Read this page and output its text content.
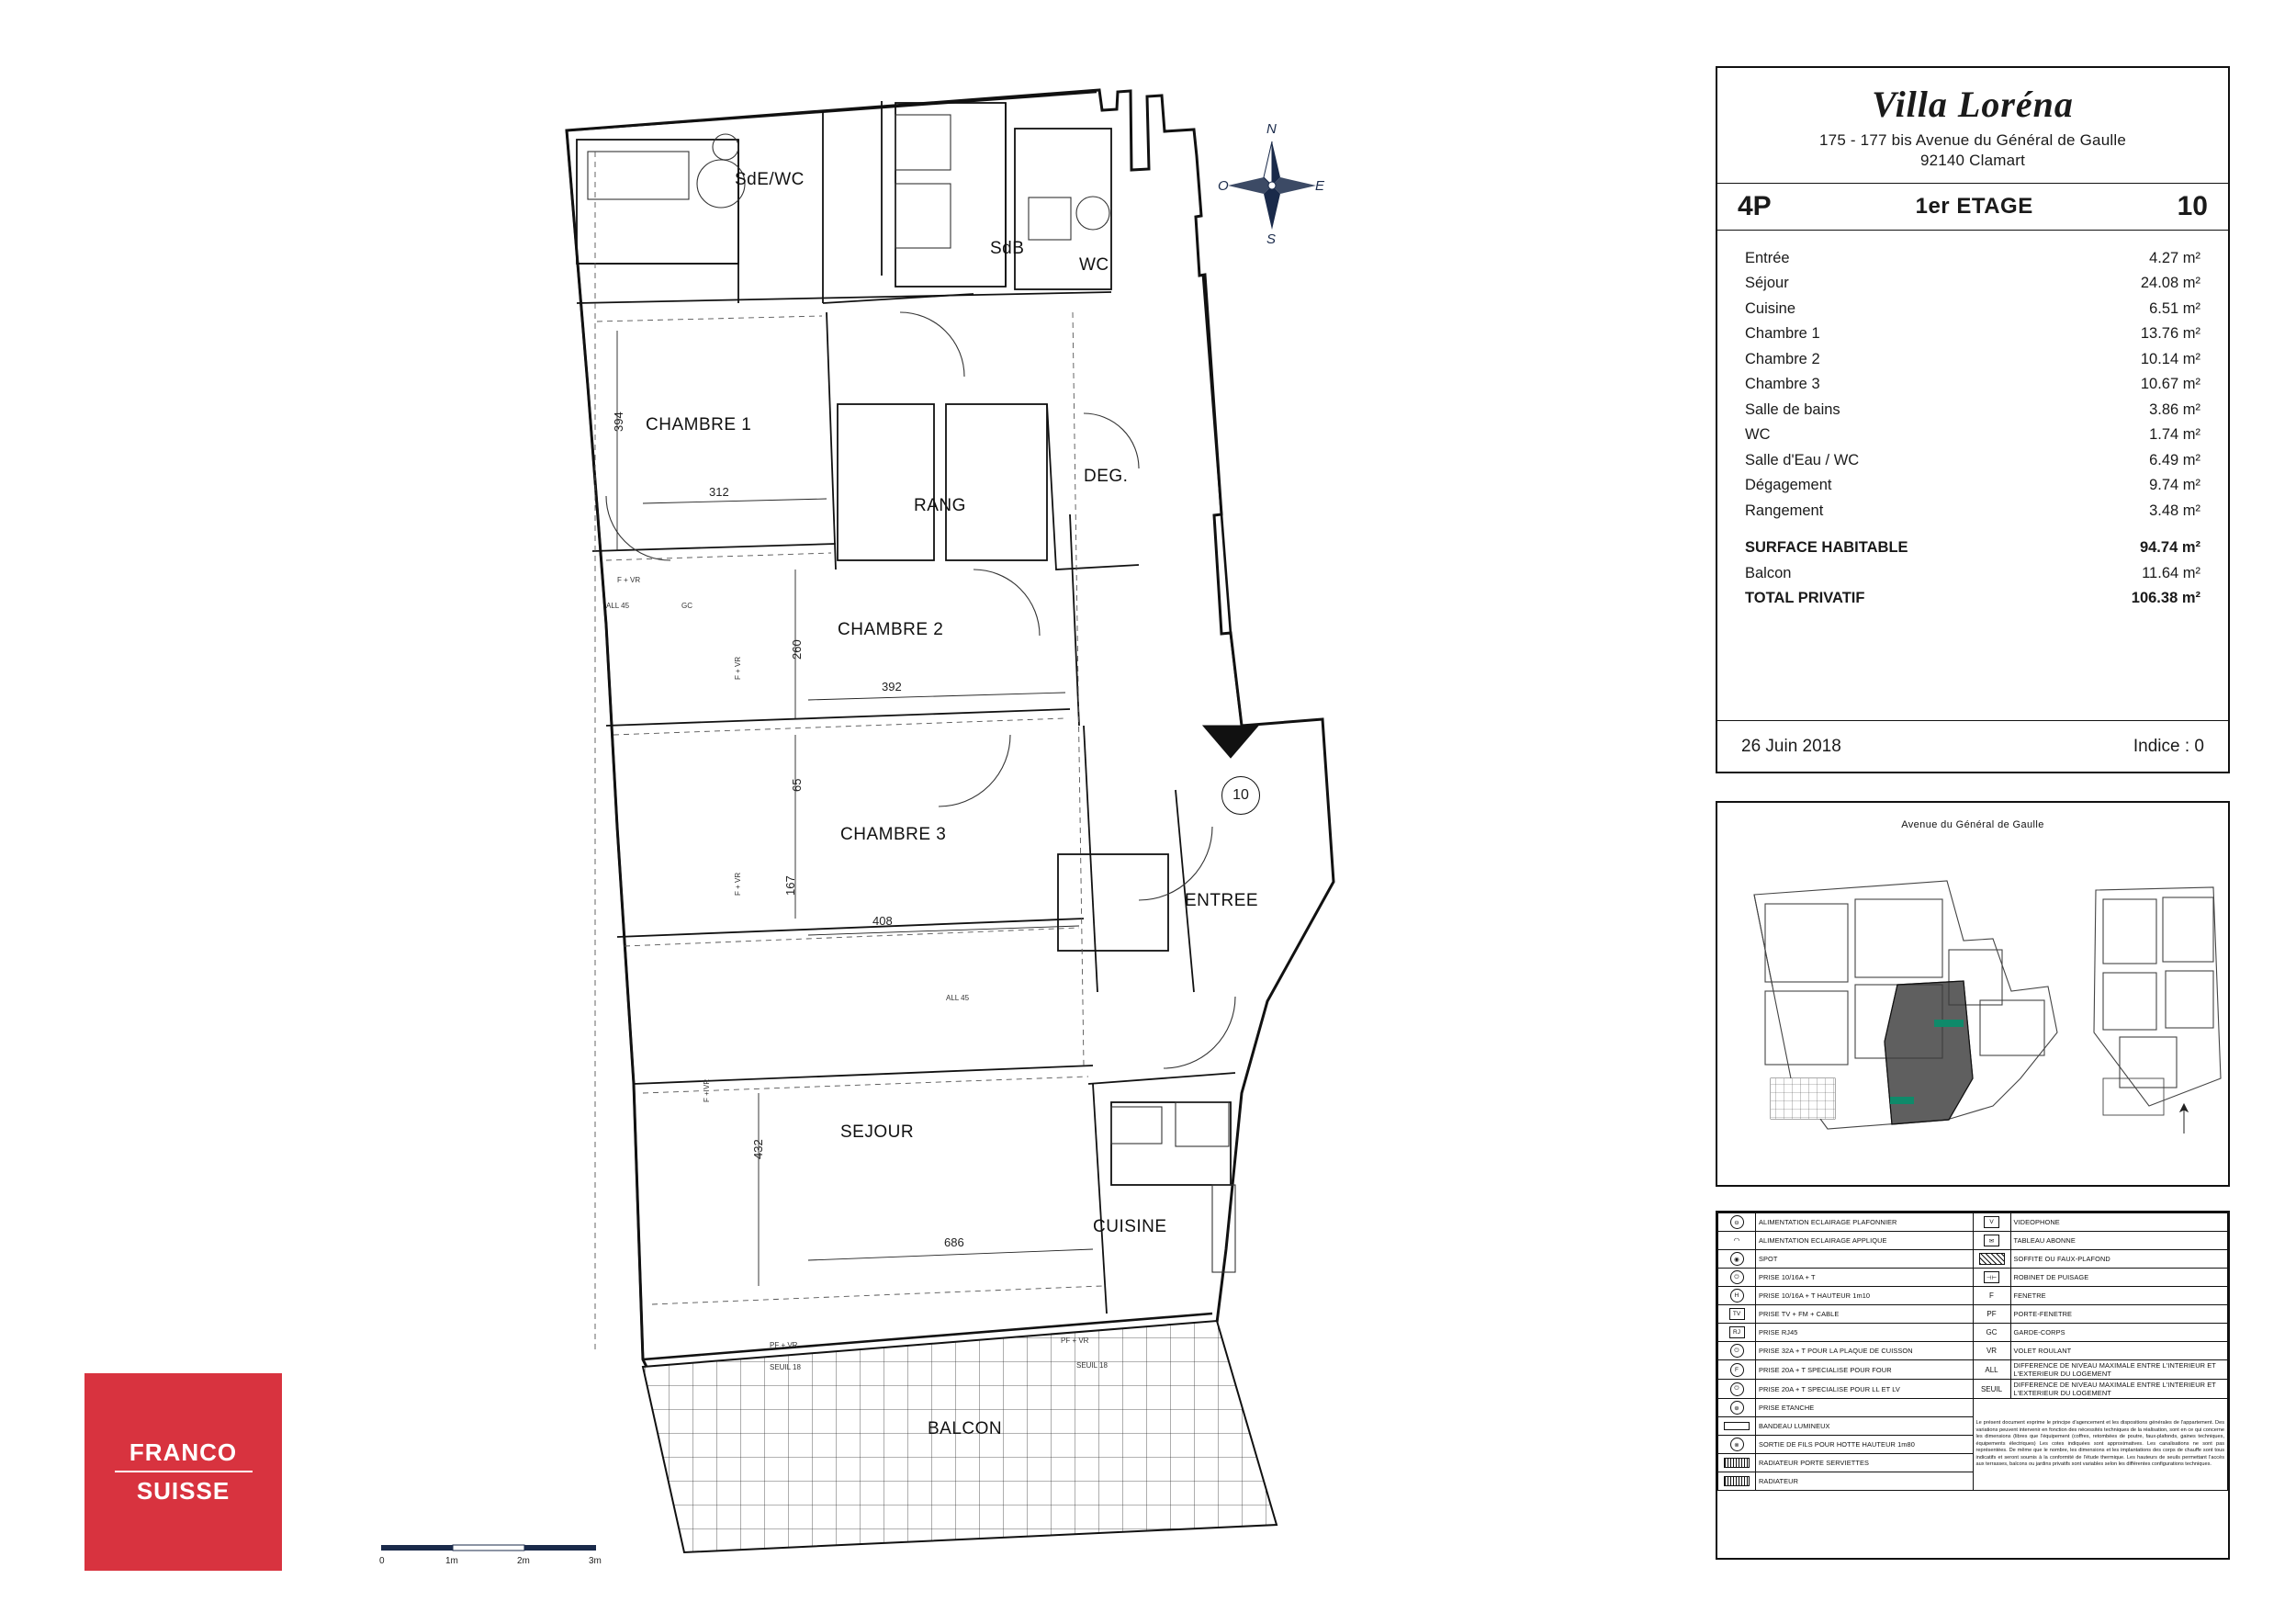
SdE/WC
SdB
WC
CHAMBRE 1
DEG.
RANG
CHAMBRE 2
CHAMBRE 3
ENTREE
SEJOUR
CUISINE
BALCON
394
312
260
392
65
167
408
432
686
F + VR
ALL 45	GC
PF + VR
SEUIL 18
PF + VR
SEUIL 18
F + VR
F + VR
F + VR
ALL 45
10
N
S
E
O
0	1m	2m	3m
FRANCO
SUISSE
Villa Loréna
175 - 177 bis Avenue du Général de Gaulle
92140 Clamart
4P	1er ETAGE	10
Entrée	4.27 m²
Séjour	24.08 m²
Cuisine	6.51 m²
Chambre 1	13.76 m²
Chambre 2	10.14 m²
Chambre 3	10.67 m²
Salle de bains	3.86 m²
WC	1.74 m²
Salle d'Eau / WC	6.49 m²
Dégagement	9.74 m²
Rangement	3.48 m²
SURFACE HABITABLE	94.74 m²
Balcon	11.64 m²
TOTAL PRIVATIF	106.38 m²
26 Juin 2018	Indice : 0
Avenue du Général de Gaulle
⊖	ALIMENTATION ECLAIRAGE PLAFONNIER	V	VIDEOPHONE
◠	ALIMENTATION ECLAIRAGE APPLIQUE	✉	TABLEAU ABONNE

◉	SPOT		SOFFITE OU FAUX-PLAFOND

⏻	PRISE 10/16A + T	⊣⊢	ROBINET DE PUISAGE

H	PRISE 10/16A + T HAUTEUR 1m10	F	FENETRE

TV	PRISE TV + FM + CABLE	PF	PORTE-FENETRE

RJ	PRISE RJ45	GC	GARDE-CORPS

⏻	PRISE 32A + T POUR LA PLAQUE DE CUISSON	VR	VOLET ROULANT

F	PRISE 20A + T SPECIALISE POUR FOUR	ALL	DIFFERENCE DE NIVEAU MAXIMALE ENTRE L'INTERIEUR ET L'EXTERIEUR DU LOGEMENT

⏻	PRISE 20A + T SPECIALISE POUR LL ET LV	SEUIL	DIFFERENCE DE NIVEAU MAXIMALE ENTRE L'INTERIEUR ET L'EXTERIEUR DU LOGEMENT

⊕	PRISE ETANCHE	Le présent document exprime le principe d'agencement et les dispositions générales de l'appartement. Des variations peuvent intervenir en fonction des nécessités techniques de la réalisation, sont en ce qui concerne les dimensions (libres que l'équipement (coffres, retombées de poutre, faux-plafonds, gaines techniques, équipements électriques) Les cotes indiquées sont approximatives. Les canalisations ne sont pas représentées. De même que le nombre, les dimensions et les implantations des corps de chauffe sont tous indicatifs et seront soumis à la conformité de l'étude thermique. Les hauteurs de seuils permettant l'accès aux terrasses, balcons ou jardins privatifs sont variables selon les différentes configurations techniques.	

	BANDEAU LUMINEUX		

⊗	SORTIE DE FILS POUR HOTTE HAUTEUR 1m80		

	RADIATEUR PORTE SERVIETTES		

	RADIATEUR		
